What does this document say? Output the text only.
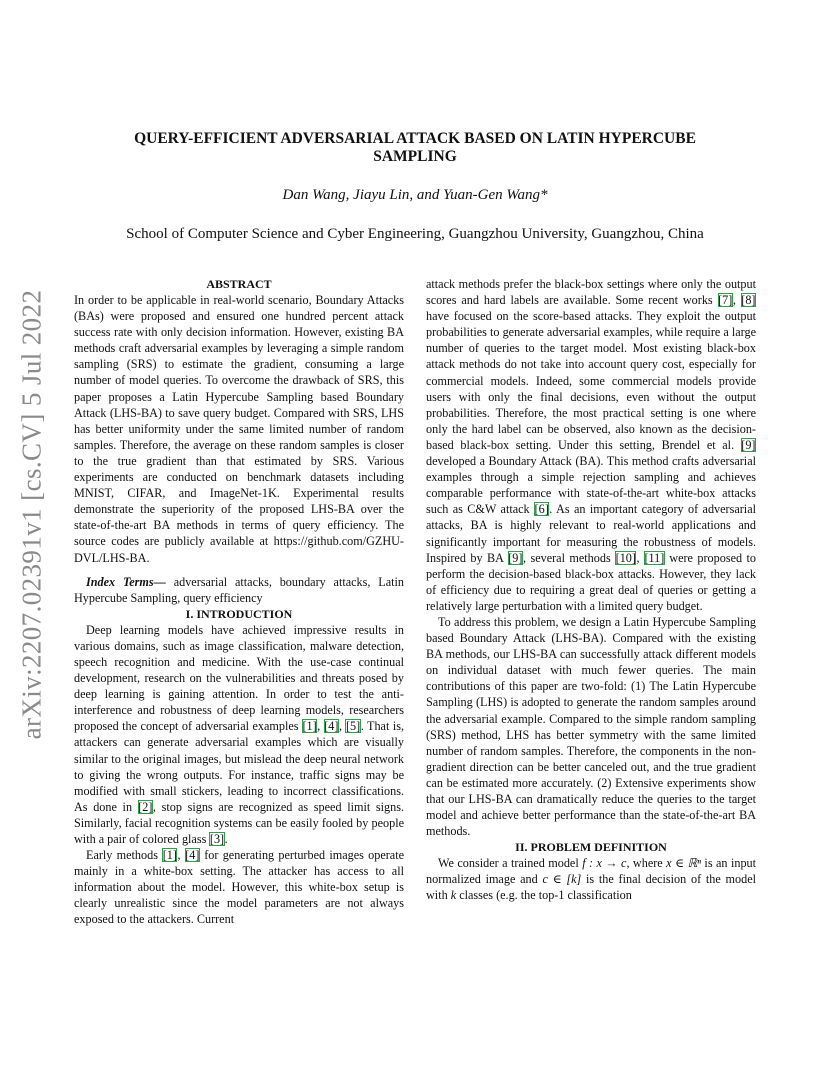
arXiv:2207.02391v1 [cs.CV] 5 Jul 2022
QUERY-EFFICIENT ADVERSARIAL ATTACK BASED ON LATIN HYPERCUBE
SAMPLING

Dan Wang, Jiayu Lin, and Yuan-Gen Wang*

School of Computer Science and Cyber Engineering, Guangzhou University, Guangzhou, China

ABSTRACT

In order to be applicable in real-world scenario, Boundary Attacks (BAs) were proposed and ensured one hundred percent attack success rate with only decision information. However, existing BA methods craft adversarial examples by leveraging a simple random sampling (SRS) to estimate the gradient, consuming a large number of model queries. To overcome the drawback of SRS, this paper proposes a Latin Hypercube Sampling based Boundary Attack (LHS-BA) to save query budget. Compared with SRS, LHS has better uniformity under the same limited number of random samples. Therefore, the average on these random samples is closer to the true gradient than that estimated by SRS. Various experiments are conducted on benchmark datasets including MNIST, CIFAR, and ImageNet-1K. Experimental results demonstrate the superiority of the proposed LHS-BA over the state-of-the-art BA methods in terms of query efficiency. The source codes are publicly available at https://github.com/GZHU-DVL/LHS-BA.

Index Terms— adversarial attacks, boundary attacks, Latin Hypercube Sampling, query efficiency

I. INTRODUCTION

Deep learning models have achieved impressive results in various domains, such as image classification, malware detection, speech recognition and medicine. With the use-case continual development, research on the vulnerabilities and threats posed by deep learning is gaining attention. In order to test the anti-interference and robustness of deep learning models, researchers proposed the concept of adversarial examples [1], [4], [5]. That is, attackers can generate adversarial examples which are visually similar to the original images, but mislead the deep neural network to giving the wrong outputs. For instance, traffic signs may be modified with small stickers, leading to incorrect classifications. As done in [2], stop signs are recognized as speed limit signs. Similarly, facial recognition systems can be easily fooled by people with a pair of colored glass [3].

Early methods [1], [4] for generating perturbed images operate mainly in a white-box setting. The attacker has access to all information about the model. However, this white-box setup is clearly unrealistic since the model parameters are not always exposed to the attackers. Current

attack methods prefer the black-box settings where only the output scores and hard labels are available. Some recent works [7], [8] have focused on the score-based attacks. They exploit the output probabilities to generate adversarial examples, while require a large number of queries to the target model. Most existing black-box attack methods do not take into account query cost, especially for commercial models. Indeed, some commercial models provide users with only the final decisions, even without the output probabilities. Therefore, the most practical setting is one where only the hard label can be observed, also known as the decision-based black-box setting. Under this setting, Brendel et al. [9] developed a Boundary Attack (BA). This method crafts adversarial examples through a simple rejection sampling and achieves comparable performance with state-of-the-art white-box attacks such as C&W attack [6]. As an important category of adversarial attacks, BA is highly relevant to real-world applications and significantly important for measuring the robustness of models. Inspired by BA [9], several methods [10], [11] were proposed to perform the decision-based black-box attacks. However, they lack of efficiency due to requiring a great deal of queries or getting a relatively large perturbation with a limited query budget.

To address this problem, we design a Latin Hypercube Sampling based Boundary Attack (LHS-BA). Compared with the existing BA methods, our LHS-BA can successfully attack different models on individual dataset with much fewer queries. The main contributions of this paper are two-fold: (1) The Latin Hypercube Sampling (LHS) is adopted to generate the random samples around the adversarial example. Compared to the simple random sampling (SRS) method, LHS has better symmetry with the same limited number of random samples. Therefore, the components in the non-gradient direction can be better canceled out, and the true gradient can be estimated more accurately. (2) Extensive experiments show that our LHS-BA can dramatically reduce the queries to the target model and achieve better performance than the state-of-the-art BA methods.

II. PROBLEM DEFINITION

We consider a trained model f : x → c, where x ∈ ℝⁿ is an input normalized image and c ∈ [k] is the final decision of the model with k classes (e.g. the top-1 classification
